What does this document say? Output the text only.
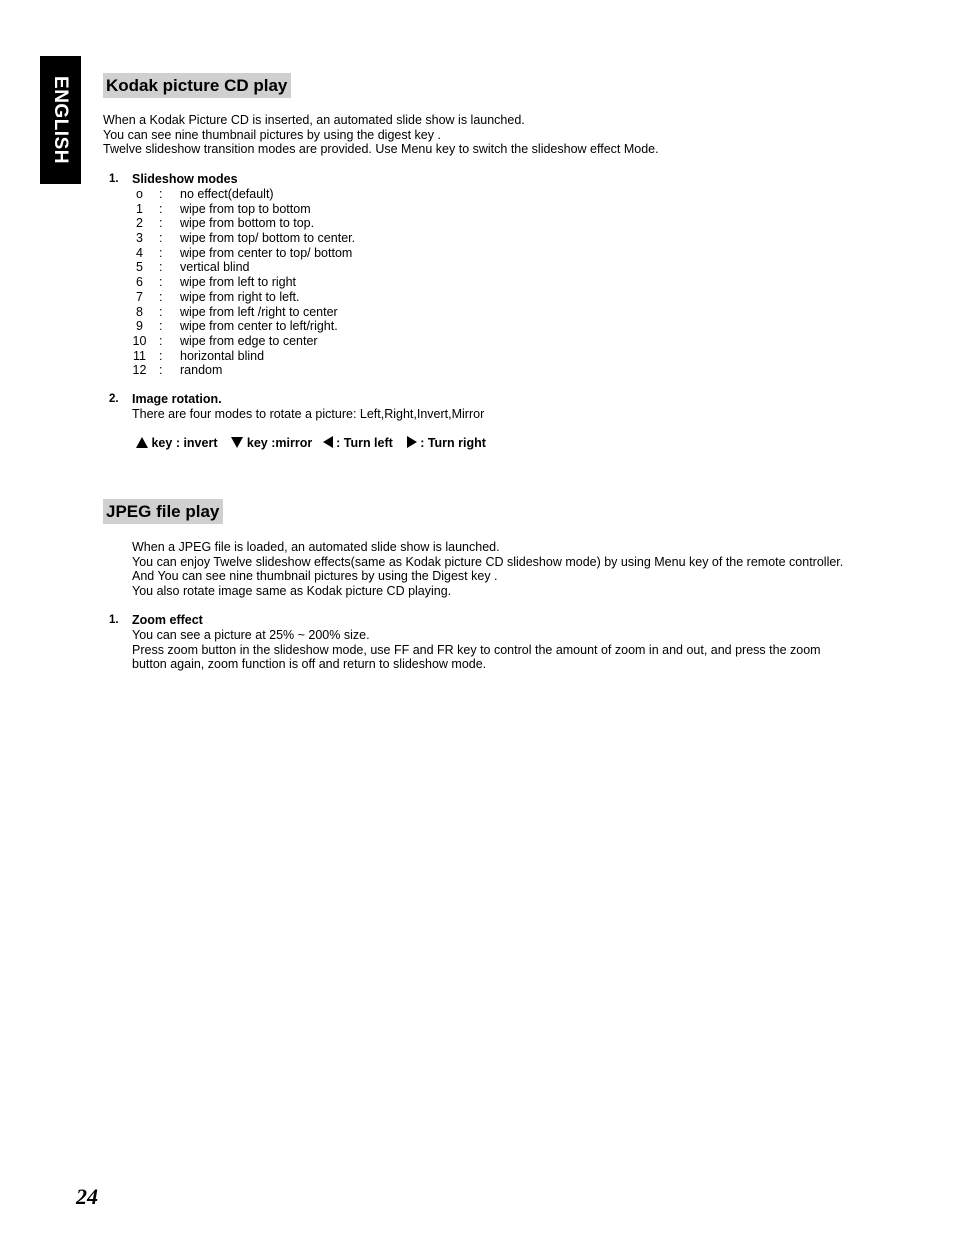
ENGLISH	Kodak picture CD play
When a Kodak Picture CD is inserted, an automated slide show is launched.
You can see nine thumbnail pictures by using the digest key .
Twelve slideshow transition modes are provided. Use Menu key to switch the slideshow effect Mode.
1. Slideshow modes
o	: no effect(default)
1	: wipe from top to bottom
2	: wipe from bottom to top.
3	: wipe from top/ bottom to center.
4	: wipe from center to top/ bottom
5	: vertical blind
6	: wipe from left to right
7	: wipe from right to left.
8	: wipe from left /right to center
9	: wipe from center to left/right.
10 : wipe from edge to center
11 : horizontal blind
12 : random
2. Image rotation.
There are four modes to rotate a picture: Left,Right,Invert,Mirror
key : invert key :mirror : Turn left : Turn right
JPEG file play
When a JPEG file is loaded, an automated slide show is launched.
You can enjoy Twelve slideshow effects(same as Kodak picture CD slideshow mode) by using Menu key of the remote controller.
And You can see nine thumbnail pictures by using the Digest key .
You also rotate image same as Kodak picture CD playing.
1. Zoom effect
You can see a picture at 25% ~ 200% size.
Press zoom button in the slideshow mode, use FF and FR key to control the amount of zoom in and out, and press the zoom
button again, zoom function is off and return to slideshow mode.
24
